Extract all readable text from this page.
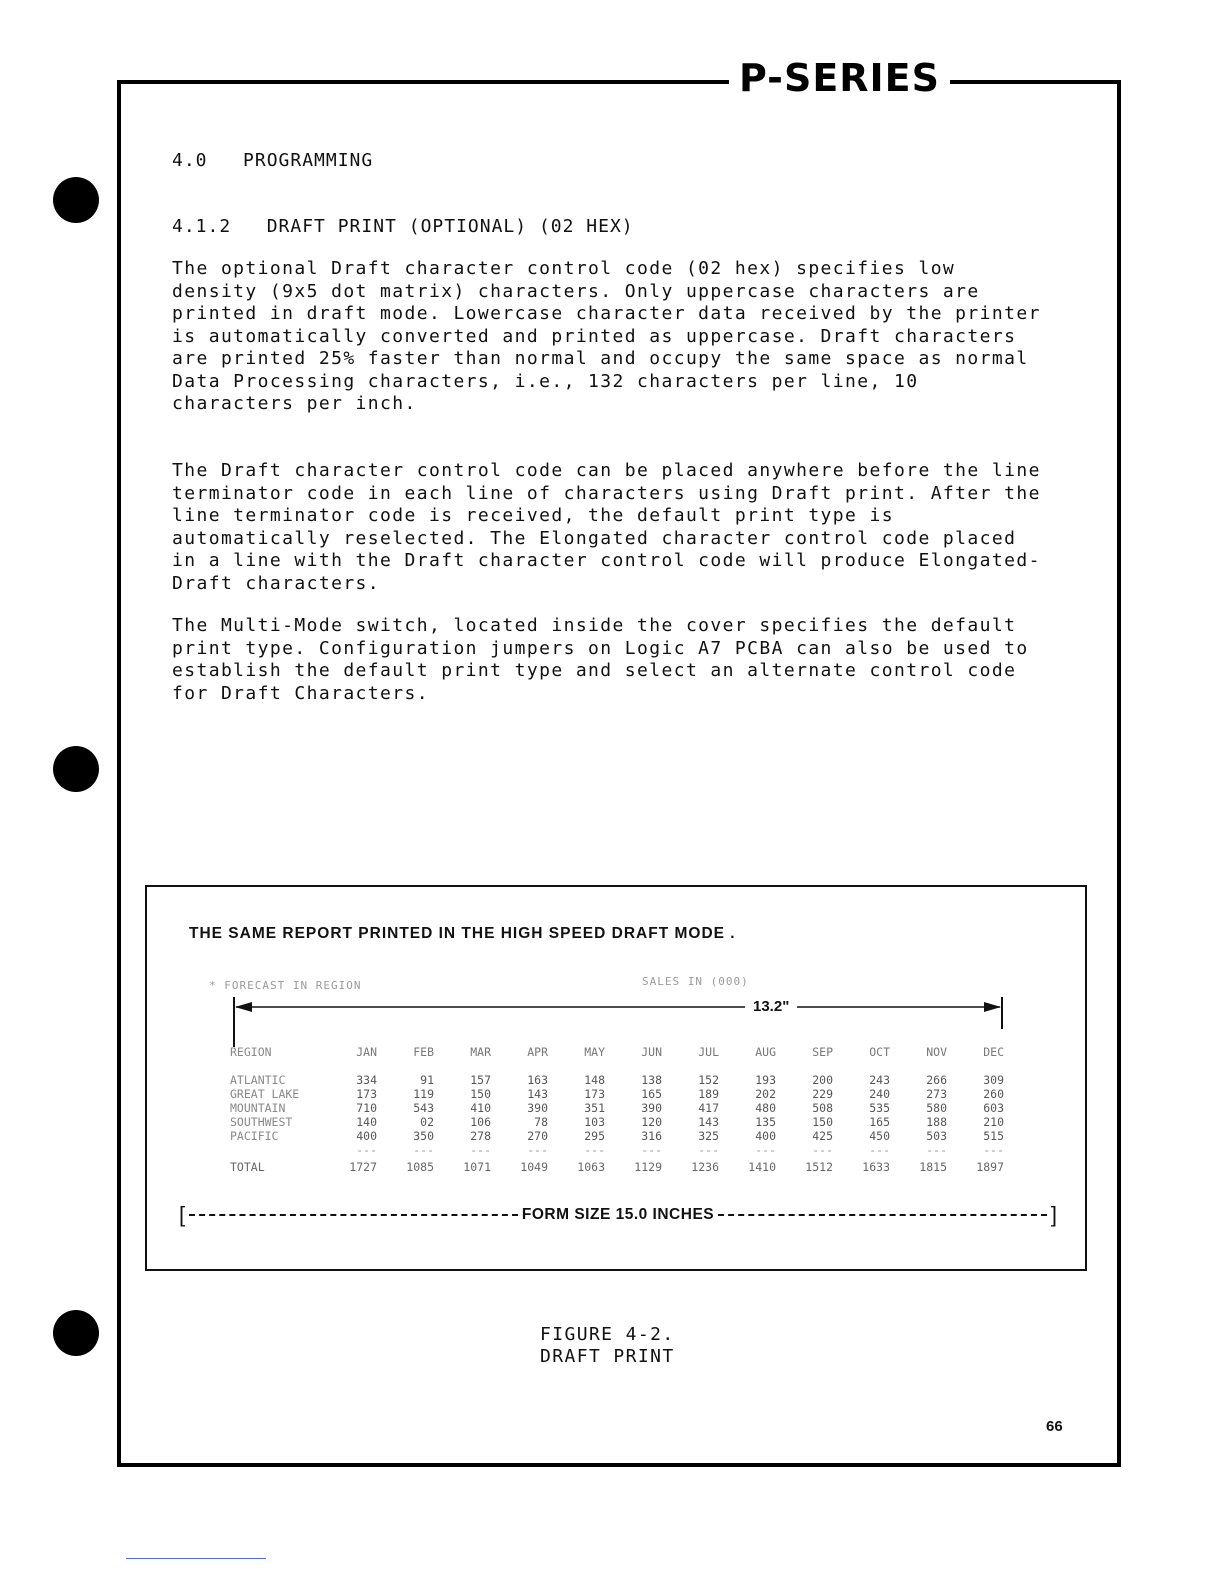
P-SERIES
4.0   PROGRAMMING
4.1.2   DRAFT PRINT (OPTIONAL) (02 HEX)

The optional Draft character control code (02 hex) specifies low density (9x5 dot matrix) characters. Only uppercase characters are printed in draft mode. Lowercase character data received by the printer is automatically converted and printed as uppercase. Draft characters are printed 25% faster than normal and occupy the same space as normal Data Processing characters, i.e., 132 characters per line, 10 characters per inch.

The Draft character control code can be placed anywhere before the line terminator code in each line of characters using Draft print. After the line terminator code is received, the default print type is automatically reselected. The Elongated character control code placed in a line with the Draft character control code will produce Elongated-Draft characters.

The Multi-Mode switch, located inside the cover specifies the default print type. Configuration jumpers on Logic A7 PCBA can also be used to establish the default print type and select an alternate control code for Draft Characters.

THE SAME REPORT PRINTED IN THE HIGH SPEED DRAFT MODE .
* FORECAST IN REGION	SALES IN (000)
13.2"
REGION	JAN	FEB	MAR	APR	MAY	JUN	JUL	AUG	SEP	OCT	NOV	DEC
ATLANTIC	334	91	157	163	148	138	152	193	200	243	266	309
GREAT LAKE	173	119	150	143	173	165	189	202	229	240	273	260
MOUNTAIN	710	543	410	390	351	390	417	480	508	535	580	603
SOUTHWEST	140	02	106	78	103	120	143	135	150	165	188	210
PACIFIC	400	350	278	270	295	316	325	400	425	450	503	515
	---	---	---	---	---	---	---	---	---	---	---	---
TOTAL	1727	1085	1071	1049	1063	1129	1236	1410	1512	1633	1815	1897
[	FORM SIZE 15.0 INCHES	]
FIGURE 4-2.
DRAFT PRINT
66
